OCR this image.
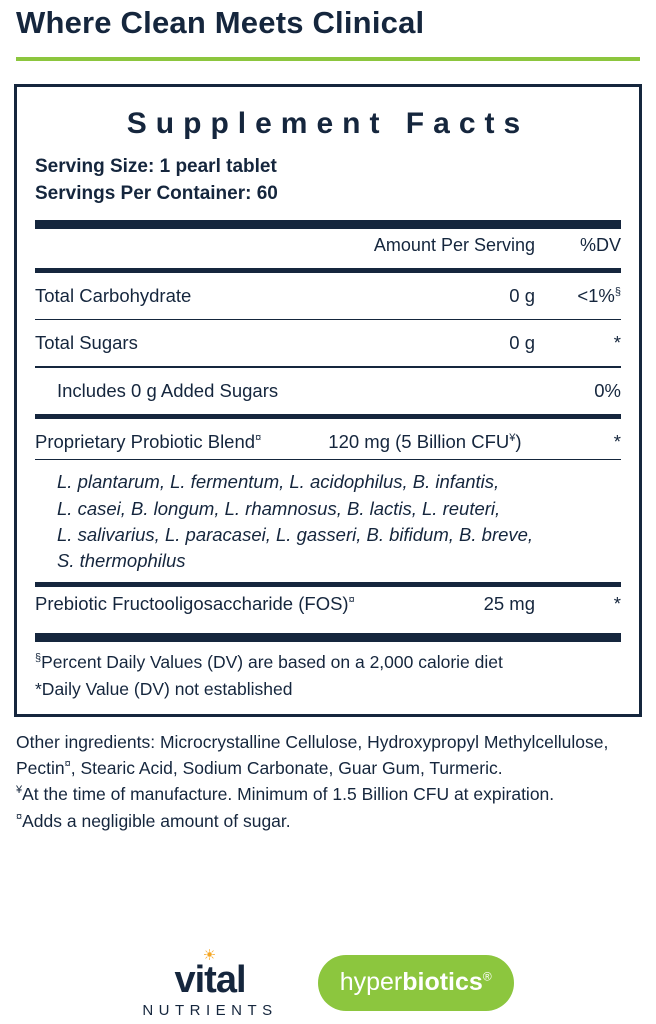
Where Clean Meets Clinical
Supplement Facts
Serving Size: 1 pearl tablet
Servings Per Container: 60
	Amount Per Serving	%DV

Total Carbohydrate	0 g	<1%§

Total Sugars	0 g	*

Includes 0 g Added Sugars		0%

Proprietary Probiotic Blend¤	120 mg (5 Billion CFU¥)	*
L. plantarum, L. fermentum, L. acidophilus, B. infantis,
L. casei, B. longum, L. rhamnosus, B. lactis, L. reuteri,
L. salivarius, L. paracasei, L. gasseri, B. bifidum, B. breve,
S. thermophilus
Prebiotic Fructooligosaccharide (FOS)¤	25 mg	*
§Percent Daily Values (DV) are based on a 2,000 calorie diet
*Daily Value (DV) not established
Other ingredients: Microcrystalline Cellulose, Hydroxypropyl Methylcellulose,
Pectin¤, Stearic Acid, Sodium Carbonate, Guar Gum, Turmeric.
¥At the time of manufacture. Minimum of 1.5 Billion CFU at expiration.
¤Adds a negligible amount of sugar.
☀
vital
NUTRIENTS
hyperbiotics®
